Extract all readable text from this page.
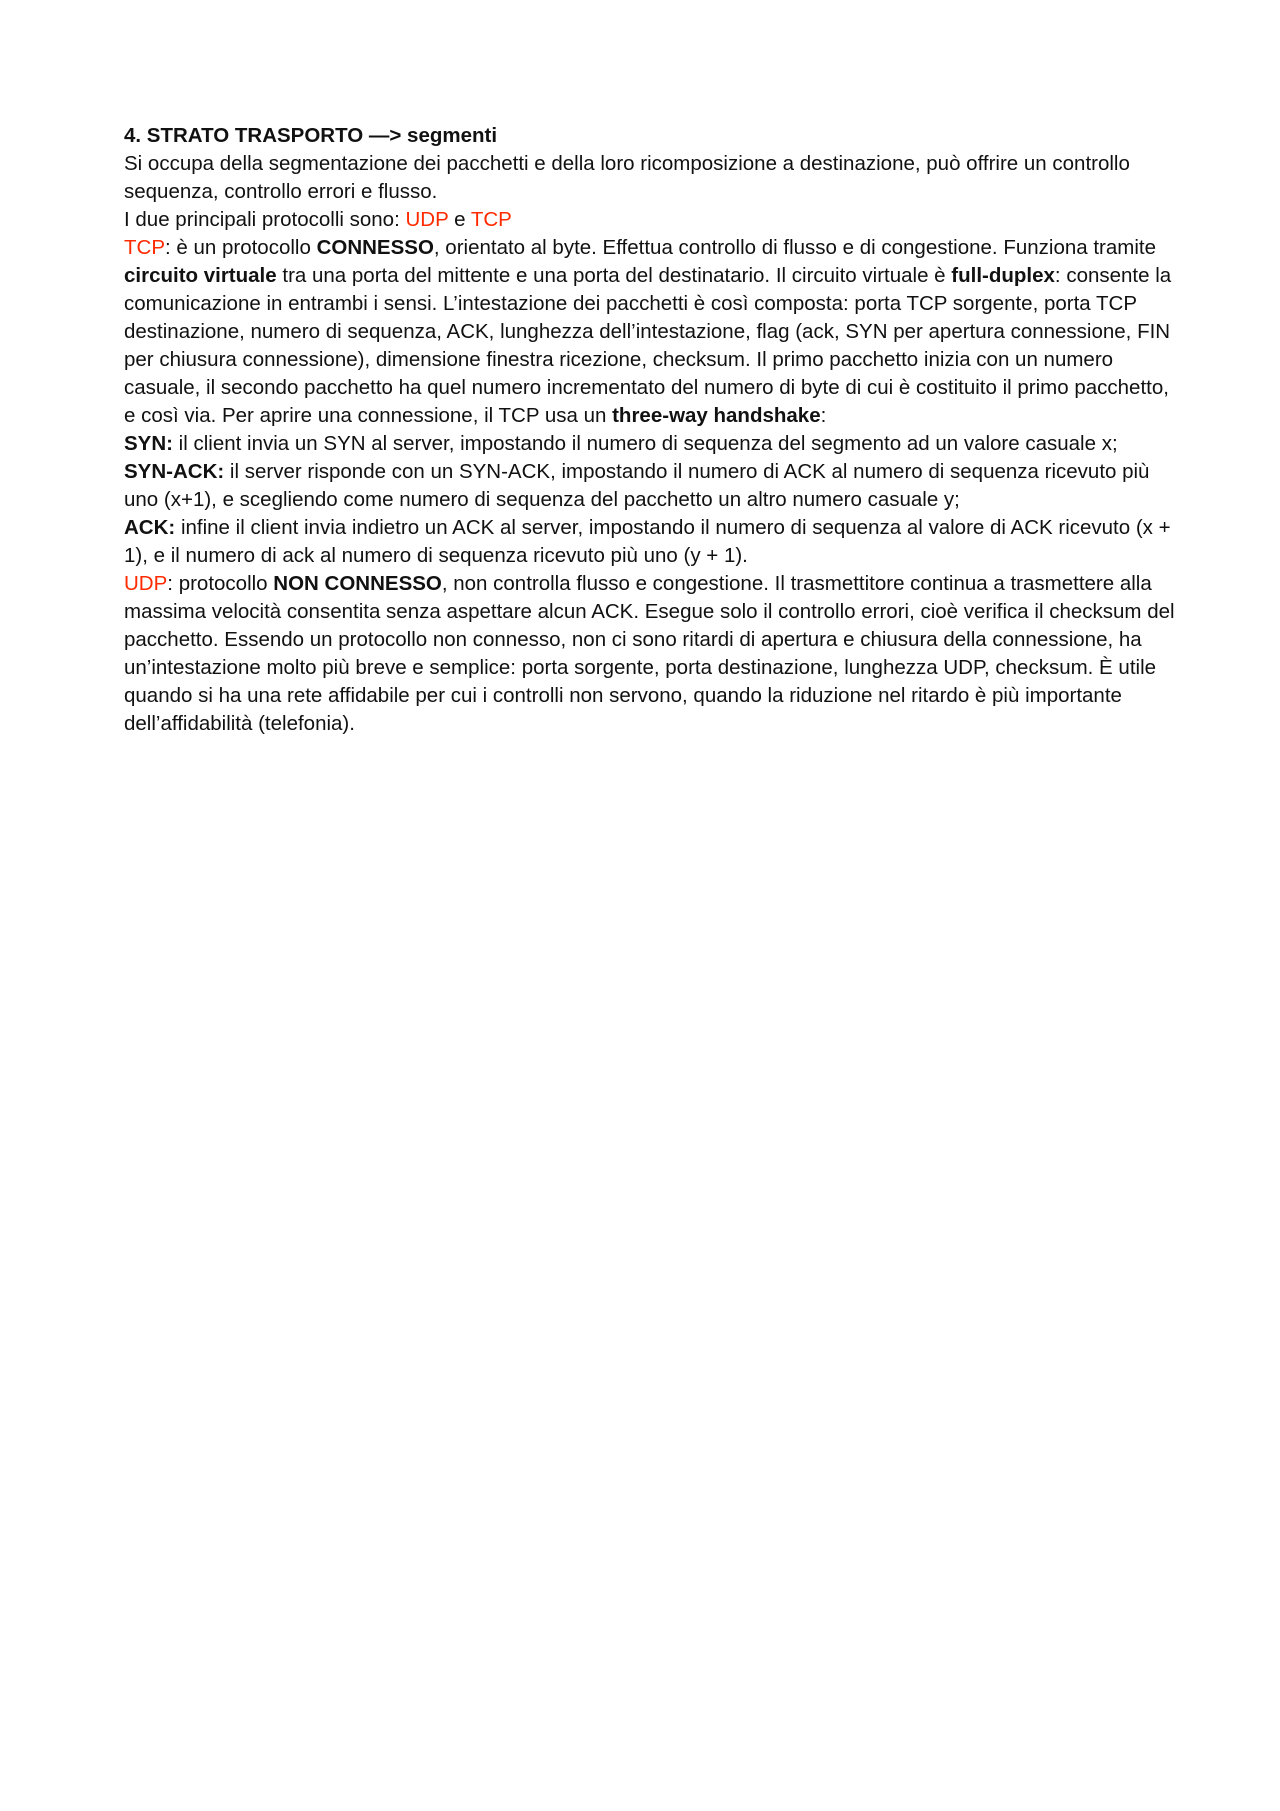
4. STRATO TRASPORTO —> segmenti

Si occupa della segmentazione dei pacchetti e della loro ricomposizione a destinazione, può offrire un controllo sequenza, controllo errori e flusso.

I due principali protocolli sono: UDP e TCP

TCP: è un protocollo CONNESSO, orientato al byte. Effettua controllo di flusso e di congestione. Funziona tramite circuito virtuale tra una porta del mittente e una porta del destinatario. Il circuito virtuale è full-duplex: consente la comunicazione in entrambi i sensi. L’intestazione dei pacchetti è così composta: porta TCP sorgente, porta TCP destinazione, numero di sequenza, ACK, lunghezza dell’intestazione, flag (ack, SYN per apertura connessione, FIN per chiusura connessione), dimensione finestra ricezione, checksum. Il primo pacchetto inizia con un numero casuale, il secondo pacchetto ha quel numero incrementato del numero di byte di cui è costituito il primo pacchetto, e così via. Per aprire una connessione, il TCP usa un three-way handshake:

SYN: il client invia un SYN al server, impostando il numero di sequenza del segmento ad un valore casuale x;

SYN-ACK: il server risponde con un SYN-ACK, impostando il numero di ACK al numero di sequenza ricevuto più uno (x+1), e scegliendo come numero di sequenza del pacchetto un altro numero casuale y;

ACK: infine il client invia indietro un ACK al server, impostando il numero di sequenza al valore di ACK ricevuto (x + 1), e il numero di ack al numero di sequenza ricevuto più uno (y + 1).

UDP: protocollo NON CONNESSO, non controlla flusso e congestione. Il trasmettitore continua a trasmettere alla massima velocità consentita senza aspettare alcun ACK. Esegue solo il controllo errori, cioè verifica il checksum del pacchetto. Essendo un protocollo non connesso, non ci sono ritardi di apertura e chiusura della connessione, ha un’intestazione molto più breve e semplice: porta sorgente, porta destinazione, lunghezza UDP, checksum. È utile quando si ha una rete affidabile per cui i controlli non servono, quando la riduzione nel ritardo è più importante dell’affidabilità (telefonia).
